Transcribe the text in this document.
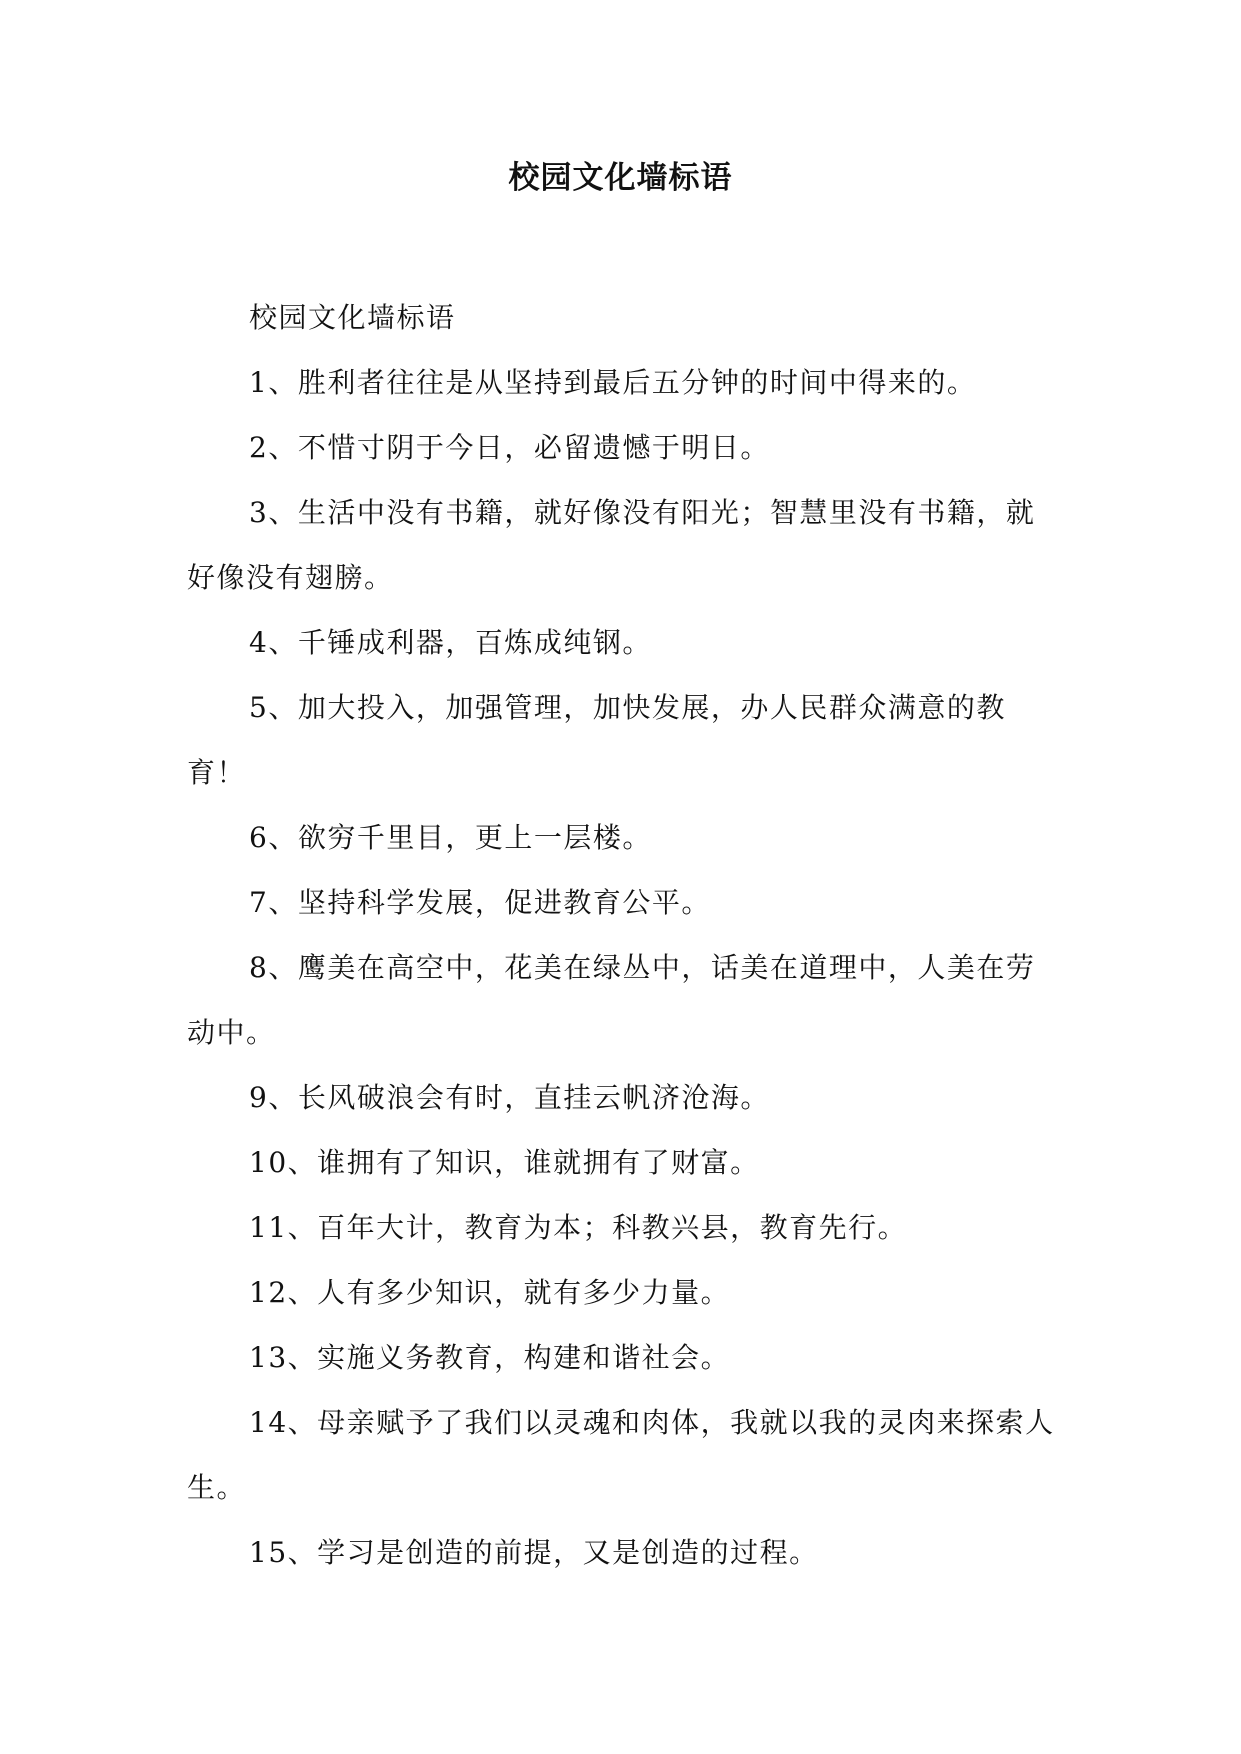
校园文化墙标语

校园文化墙标语

1、胜利者往往是从坚持到最后五分钟的时间中得来的。

2、不惜寸阴于今日，必留遗憾于明日。

3、生活中没有书籍，就好像没有阳光；智慧里没有书籍，就好像没有翅膀。

4、千锤成利器，百炼成纯钢。

5、加大投入，加强管理，加快发展，办人民群众满意的教育！

6、欲穷千里目，更上一层楼。

7、坚持科学发展，促进教育公平。

8、鹰美在高空中，花美在绿丛中，话美在道理中，人美在劳动中。

9、长风破浪会有时，直挂云帆济沧海。

10、谁拥有了知识，谁就拥有了财富。

11、百年大计，教育为本；科教兴县，教育先行。

12、人有多少知识，就有多少力量。

13、实施义务教育，构建和谐社会。

14、母亲赋予了我们以灵魂和肉体，我就以我的灵肉来探索人生。

15、学习是创造的前提，又是创造的过程。
